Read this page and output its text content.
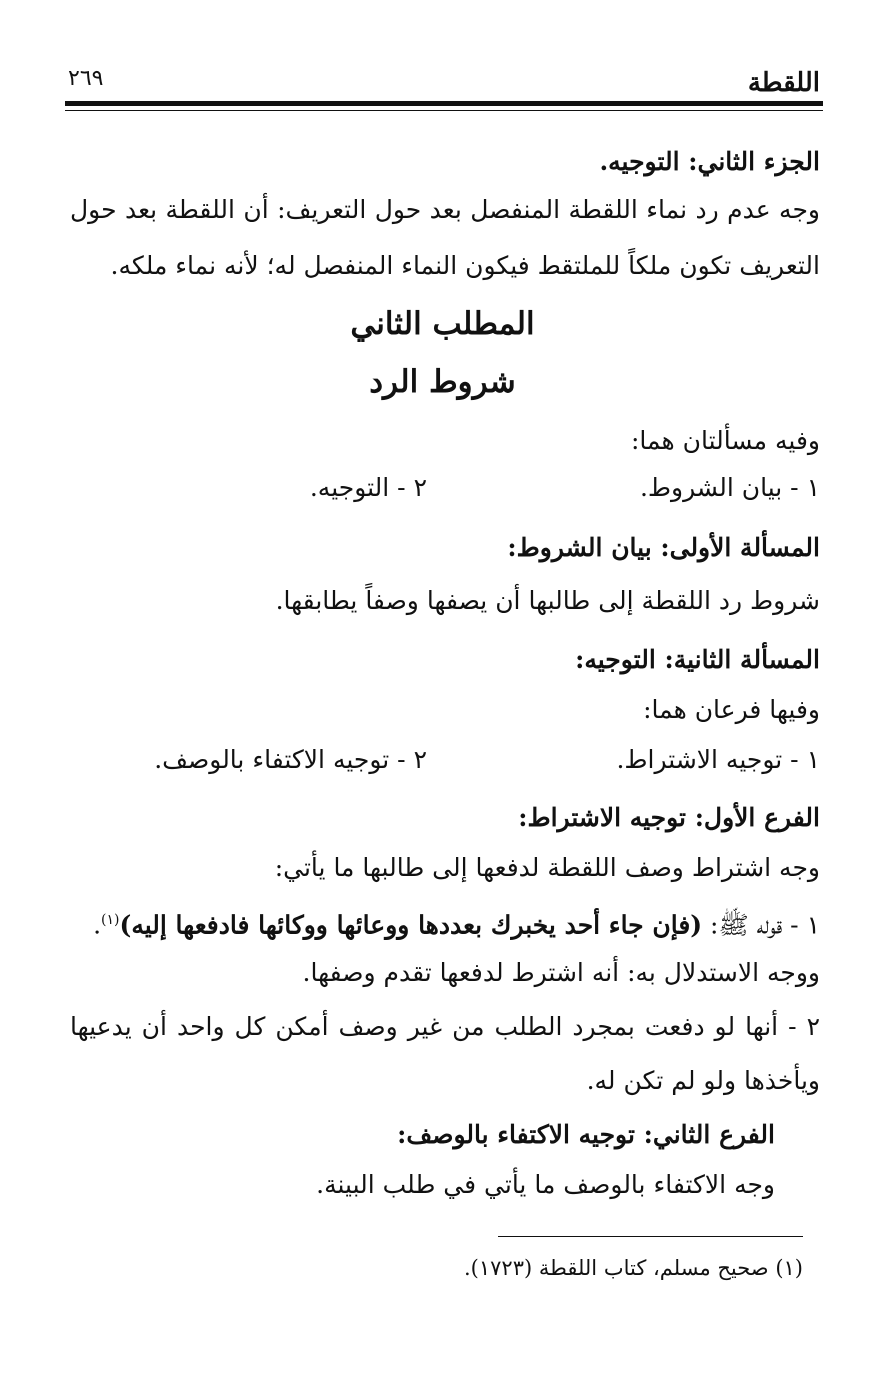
اللقطة
٢٦٩
الجزء الثاني: التوجيه.
وجه عدم رد نماء اللقطة المنفصل بعد حول التعريف: أن اللقطة بعد حول
التعريف تكون ملكاً للملتقط فيكون النماء المنفصل له؛ لأنه نماء ملكه.
المطلب الثاني
شروط الرد
وفيه مسألتان هما:
١ - بيان الشروط.
٢ - التوجيه.
المسألة الأولى: بيان الشروط:
شروط رد اللقطة إلى طالبها أن يصفها وصفاً يطابقها.
المسألة الثانية: التوجيه:
وفيها فرعان هما:
١ - توجيه الاشتراط.
٢ - توجيه الاكتفاء بالوصف.
الفرع الأول: توجيه الاشتراط:
وجه اشتراط وصف اللقطة لدفعها إلى طالبها ما يأتي:
١ - قوله ﷺ: (فإن جاء أحد يخبرك بعددها ووعائها ووكائها فادفعها إليه)$^{(١)}$.
ووجه الاستدلال به: أنه اشترط لدفعها تقدم وصفها.
٢ - أنها لو دفعت بمجرد الطلب من غير وصف أمكن كل واحد أن يدعيها
ويأخذها ولو لم تكن له.
الفرع الثاني: توجيه الاكتفاء بالوصف:
وجه الاكتفاء بالوصف ما يأتي في طلب البينة.
(١) صحيح مسلم، كتاب اللقطة (١٧٢٣).
